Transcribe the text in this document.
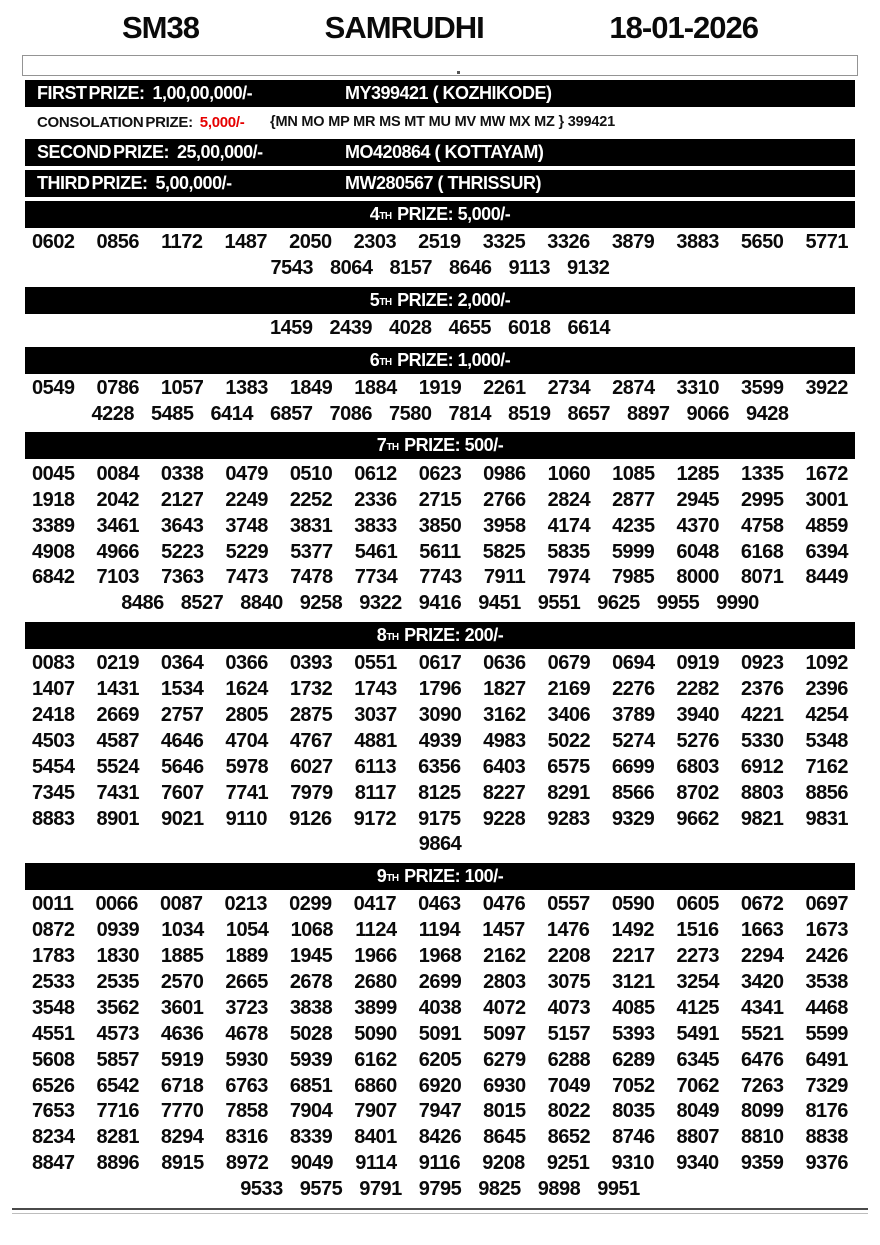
SM38	SAMRUDHI	18-01-2026
FIRST PRIZE: 1,00,00,000/-	MY399421 ( KOZHIKODE)
CONSOLATION PRIZE: 5,000/- {MN MO MP MR MS MT MU MV MW MX MZ } 399421
SECOND PRIZE: 25,00,000/-	MO420864 ( KOTTAYAM)
THIRD PRIZE: 5,00,000/-	MW280567 ( THRISSUR)
4TH PRIZE: 5,000/-
0602 0856 1172 1487 2050 2303 2519 3325 3326 3879 3883 5650 5771
7543 8064 8157 8646 9113 9132
5TH PRIZE: 2,000/-
1459 2439 4028 4655 6018 6614
6TH PRIZE: 1,000/-
0549 0786 1057 1383 1849 1884 1919 2261 2734 2874 3310 3599 3922
4228 5485 6414 6857 7086 7580 7814 8519 8657 8897 9066 9428
7TH PRIZE: 500/-
0045 0084 0338 0479 0510 0612 0623 0986 1060 1085 1285 1335 1672
1918 2042 2127 2249 2252 2336 2715 2766 2824 2877 2945 2995 3001
3389 3461 3643 3748 3831 3833 3850 3958 4174 4235 4370 4758 4859
4908 4966 5223 5229 5377 5461 5611 5825 5835 5999 6048 6168 6394
6842 7103 7363 7473 7478 7734 7743 7911 7974 7985 8000 8071 8449
8486 8527 8840 9258 9322 9416 9451 9551 9625 9955 9990
8TH PRIZE: 200/-
0083 0219 0364 0366 0393 0551 0617 0636 0679 0694 0919 0923 1092
1407 1431 1534 1624 1732 1743 1796 1827 2169 2276 2282 2376 2396
2418 2669 2757 2805 2875 3037 3090 3162 3406 3789 3940 4221 4254
4503 4587 4646 4704 4767 4881 4939 4983 5022 5274 5276 5330 5348
5454 5524 5646 5978 6027 6113 6356 6403 6575 6699 6803 6912 7162
7345 7431 7607 7741 7979 8117 8125 8227 8291 8566 8702 8803 8856
8883 8901 9021 9110 9126 9172 9175 9228 9283 9329 9662 9821 9831
9864
9TH PRIZE: 100/-
0011 0066 0087 0213 0299 0417 0463 0476 0557 0590 0605 0672 0697
0872 0939 1034 1054 1068 1124 1194 1457 1476 1492 1516 1663 1673
1783 1830 1885 1889 1945 1966 1968 2162 2208 2217 2273 2294 2426
2533 2535 2570 2665 2678 2680 2699 2803 3075 3121 3254 3420 3538
3548 3562 3601 3723 3838 3899 4038 4072 4073 4085 4125 4341 4468
4551 4573 4636 4678 5028 5090 5091 5097 5157 5393 5491 5521 5599
5608 5857 5919 5930 5939 6162 6205 6279 6288 6289 6345 6476 6491
6526 6542 6718 6763 6851 6860 6920 6930 7049 7052 7062 7263 7329
7653 7716 7770 7858 7904 7907 7947 8015 8022 8035 8049 8099 8176
8234 8281 8294 8316 8339 8401 8426 8645 8652 8746 8807 8810 8838
8847 8896 8915 8972 9049 9114 9116 9208 9251 9310 9340 9359 9376
9533 9575 9791 9795 9825 9898 9951
